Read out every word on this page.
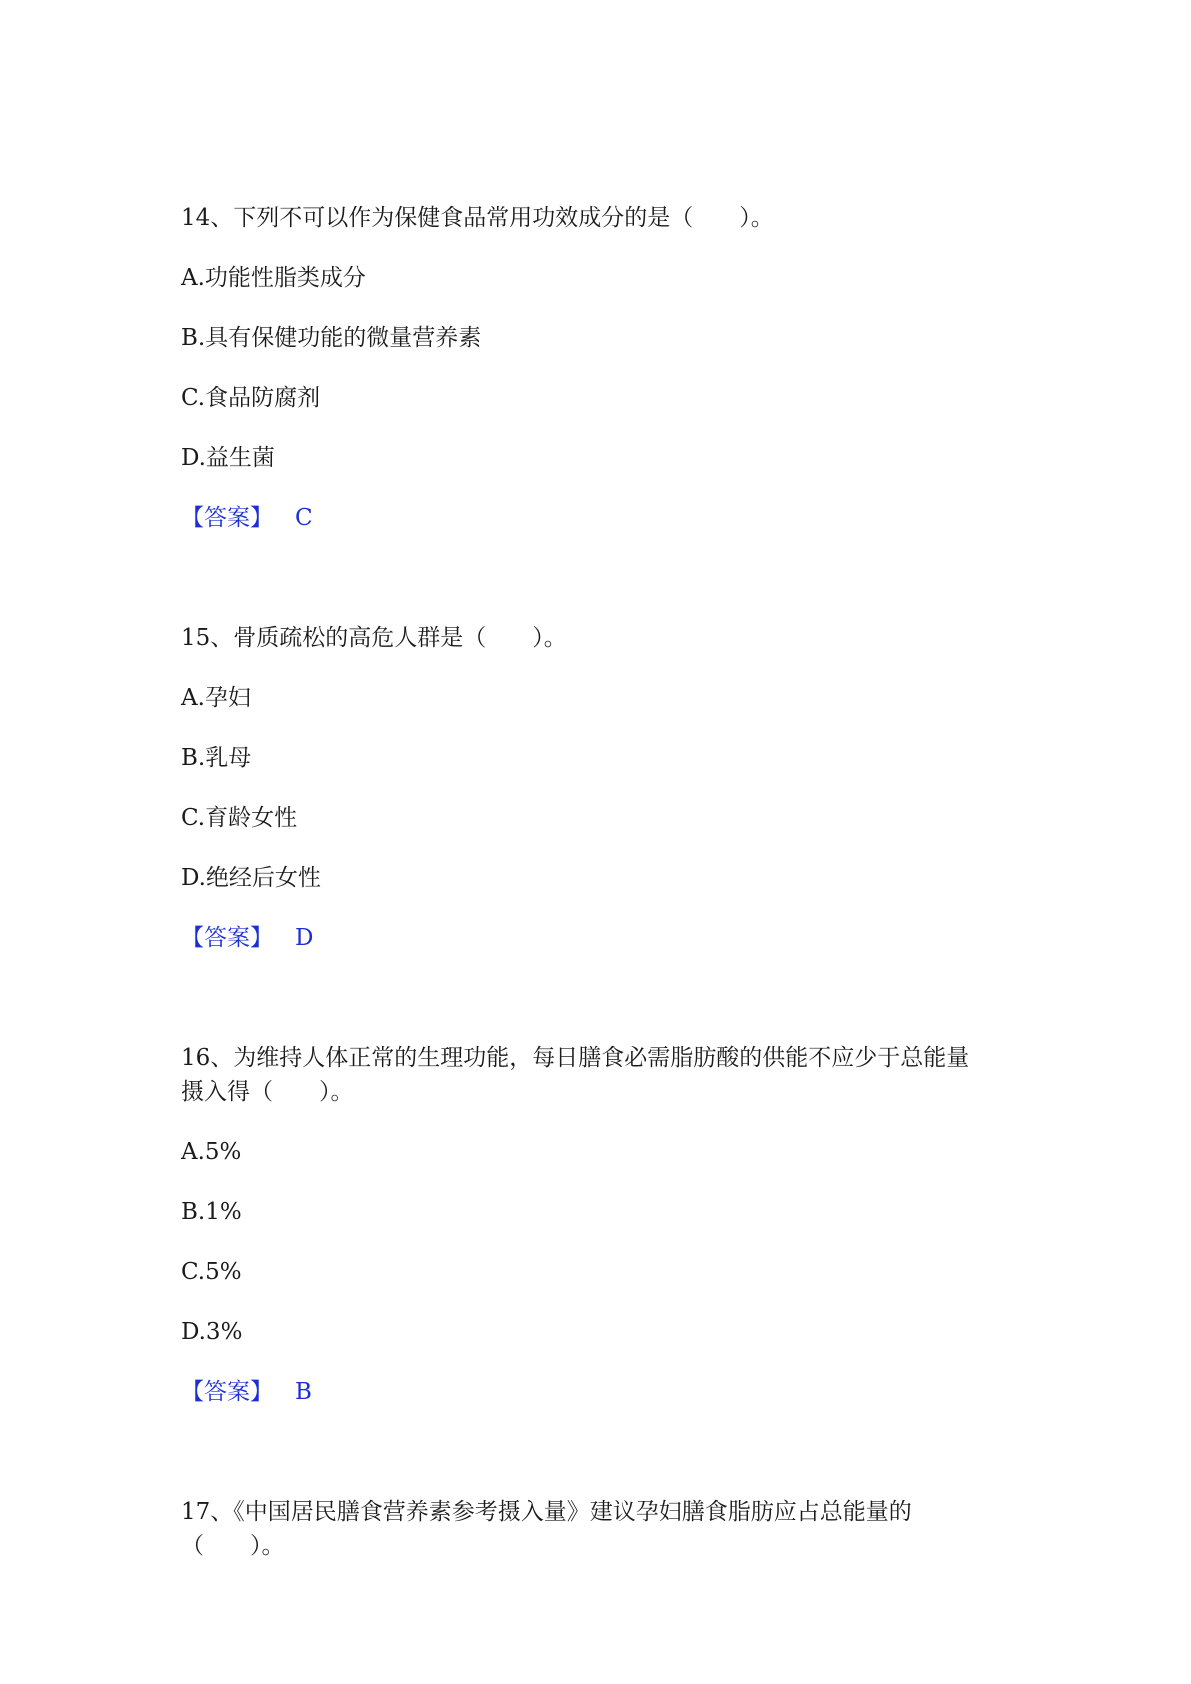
14、下列不可以作为保健食品常用功效成分的是（　　）。
A.功能性脂类成分
B.具有保健功能的微量营养素
C.食品防腐剂
D.益生菌
【答案】 C
15、骨质疏松的高危人群是（　　）。
A.孕妇
B.乳母
C.育龄女性
D.绝经后女性
【答案】 D
16、为维持人体正常的生理功能，每日膳食必需脂肪酸的供能不应少于总能量
摄入得（　　）。
A.5%
B.1%
C.5%
D.3%
【答案】 B
17、《中国居民膳食营养素参考摄入量》建议孕妇膳食脂肪应占总能量的
（　　）。
